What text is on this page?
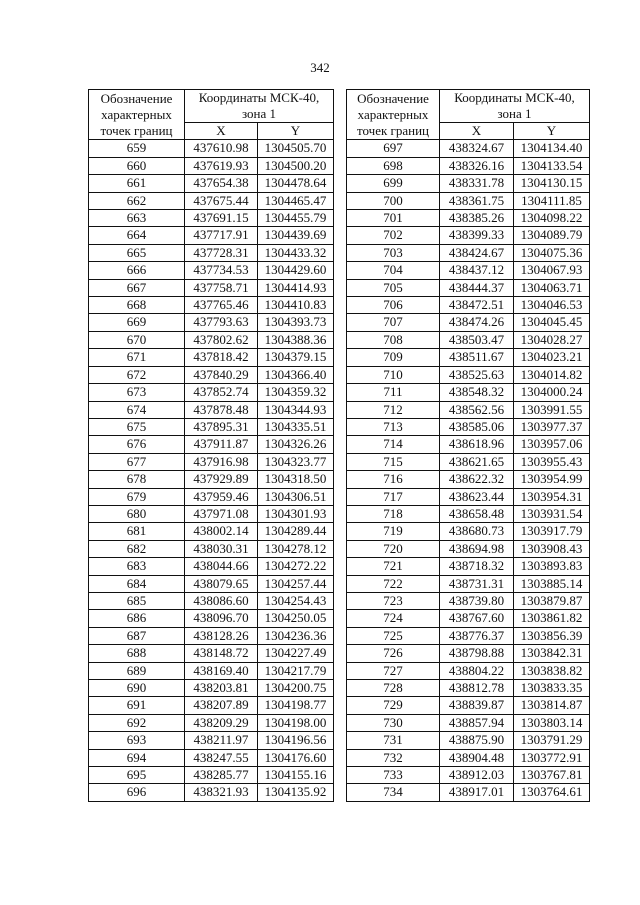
342
Обозначение
характерных
точек границ	Координаты МСК-40,
зона 1	
	X	Y
659	437610.98	1304505.70
660	437619.93	1304500.20
661	437654.38	1304478.64
662	437675.44	1304465.47
663	437691.15	1304455.79
664	437717.91	1304439.69
665	437728.31	1304433.32
666	437734.53	1304429.60
667	437758.71	1304414.93
668	437765.46	1304410.83
669	437793.63	1304393.73
670	437802.62	1304388.36
671	437818.42	1304379.15
672	437840.29	1304366.40
673	437852.74	1304359.32
674	437878.48	1304344.93
675	437895.31	1304335.51
676	437911.87	1304326.26
677	437916.98	1304323.77
678	437929.89	1304318.50
679	437959.46	1304306.51
680	437971.08	1304301.93
681	438002.14	1304289.44
682	438030.31	1304278.12
683	438044.66	1304272.22
684	438079.65	1304257.44
685	438086.60	1304254.43
686	438096.70	1304250.05
687	438128.26	1304236.36
688	438148.72	1304227.49
689	438169.40	1304217.79
690	438203.81	1304200.75
691	438207.89	1304198.77
692	438209.29	1304198.00
693	438211.97	1304196.56
694	438247.55	1304176.60
695	438285.77	1304155.16
696	438321.93	1304135.92
Обозначение
характерных
точек границ	Координаты МСК-40,
зона 1	
	X	Y
697	438324.67	1304134.40
698	438326.16	1304133.54
699	438331.78	1304130.15
700	438361.75	1304111.85
701	438385.26	1304098.22
702	438399.33	1304089.79
703	438424.67	1304075.36
704	438437.12	1304067.93
705	438444.37	1304063.71
706	438472.51	1304046.53
707	438474.26	1304045.45
708	438503.47	1304028.27
709	438511.67	1304023.21
710	438525.63	1304014.82
711	438548.32	1304000.24
712	438562.56	1303991.55
713	438585.06	1303977.37
714	438618.96	1303957.06
715	438621.65	1303955.43
716	438622.32	1303954.99
717	438623.44	1303954.31
718	438658.48	1303931.54
719	438680.73	1303917.79
720	438694.98	1303908.43
721	438718.32	1303893.83
722	438731.31	1303885.14
723	438739.80	1303879.87
724	438767.60	1303861.82
725	438776.37	1303856.39
726	438798.88	1303842.31
727	438804.22	1303838.82
728	438812.78	1303833.35
729	438839.87	1303814.87
730	438857.94	1303803.14
731	438875.90	1303791.29
732	438904.48	1303772.91
733	438912.03	1303767.81
734	438917.01	1303764.61
